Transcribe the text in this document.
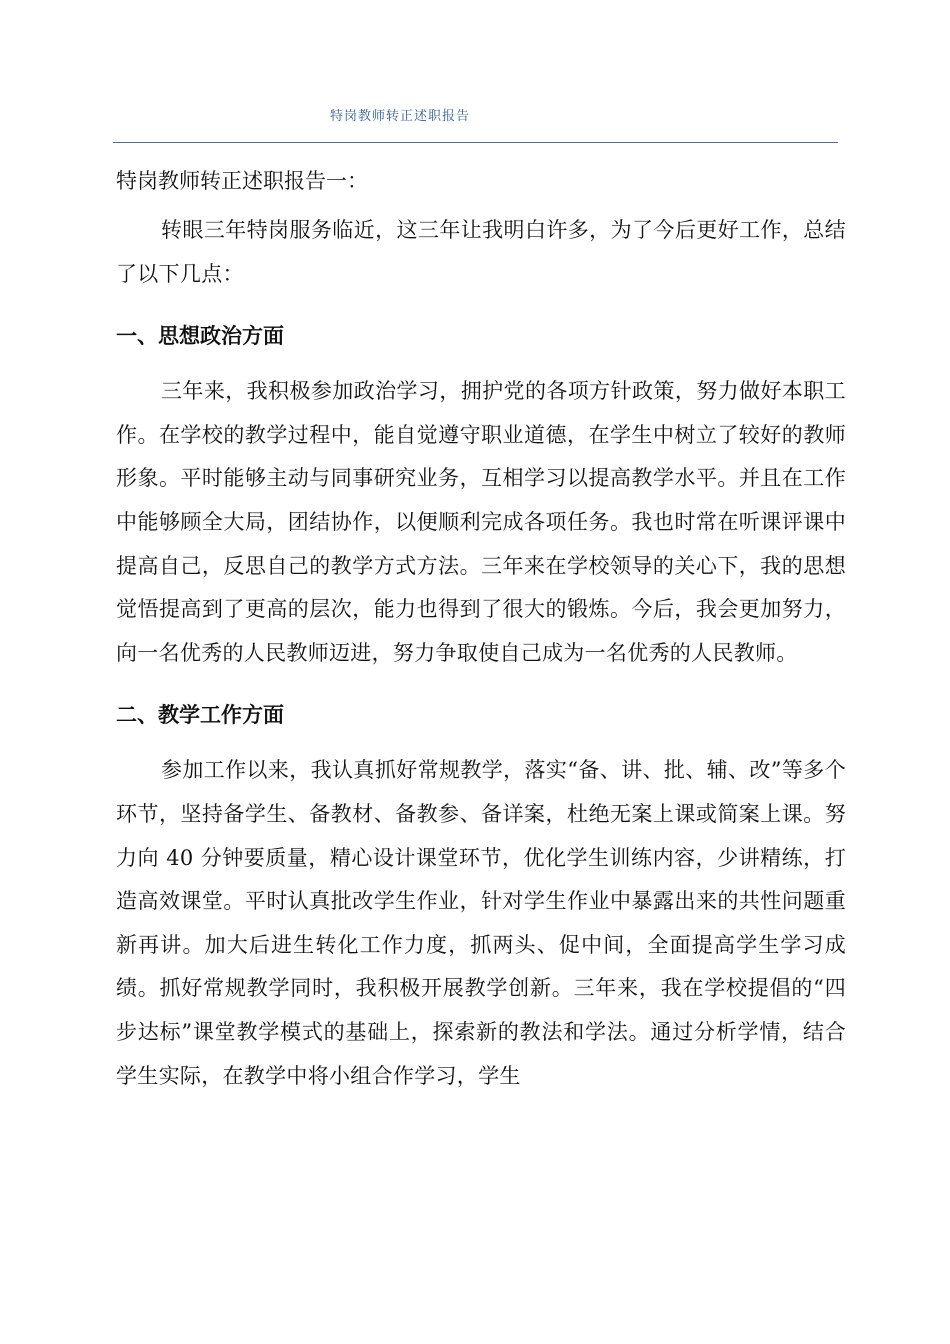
特岗教师转正述职报告
特岗教师转正述职报告一：

转眼三年特岗服务临近，这三年让我明白许多，为了今后更好工作，总结了以下几点：

一、思想政治方面

三年来，我积极参加政治学习，拥护党的各项方针政策，努力做好本职工作。在学校的教学过程中，能自觉遵守职业道德，在学生中树立了较好的教师形象。平时能够主动与同事研究业务，互相学习以提高教学水平。并且在工作中能够顾全大局，团结协作，以便顺利完成各项任务。我也时常在听课评课中提高自己，反思自己的教学方式方法。三年来在学校领导的关心下，我的思想觉悟提高到了更高的层次，能力也得到了很大的锻炼。今后，我会更加努力，向一名优秀的人民教师迈进，努力争取使自己成为一名优秀的人民教师。

二、教学工作方面

参加工作以来，我认真抓好常规教学，落实“备、讲、批、辅、改”等多个环节，坚持备学生、备教材、备教参、备详案，杜绝无案上课或简案上课。努力向 40 分钟要质量，精心设计课堂环节，优化学生训练内容，少讲精练，打造高效课堂。平时认真批改学生作业，针对学生作业中暴露出来的共性问题重新再讲。加大后进生转化工作力度，抓两头、促中间，全面提高学生学习成绩。抓好常规教学同时，我积极开展教学创新。三年来，我在学校提倡的“四步达标”课堂教学模式的基础上，探索新的教法和学法。通过分析学情，结合学生实际，在教学中将小组合作学习，学生
